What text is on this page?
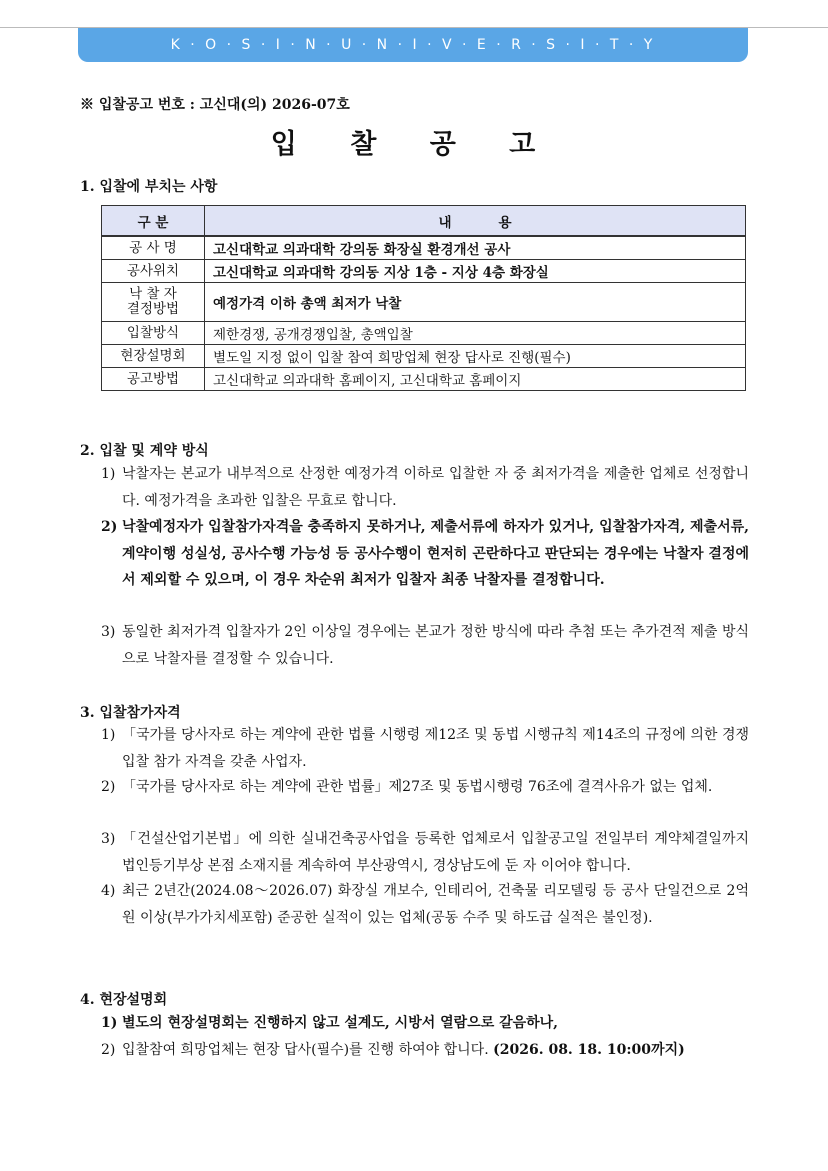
K · O · S · I · N · U · N · I · V · E · R · S · I · T · Y
※ 입찰공고 번호 : 고신대(의) 2026-07호
입 찰 공 고
1. 입찰에 부치는 사항
구 분	내          용
공 사 명	고신대학교 의과대학 강의동 화장실 환경개선 공사
공사위치	고신대학교 의과대학 강의동 지상 1층 - 지상 4층 화장실
낙 찰 자
결정방법	예정가격 이하 총액 최저가 낙찰
입찰방식	제한경쟁, 공개경쟁입찰, 총액입찰
현장설명회	별도일 지정 없이 입찰 참여 희망업체 현장 답사로 진행(필수)
공고방법	고신대학교 의과대학 홈페이지, 고신대학교 홈페이지
2. 입찰 및 계약 방식
1) 낙찰자는 본교가 내부적으로 산정한 예정가격 이하로 입찰한 자 중 최저가격을 제출한 업체로 선정합니다. 예정가격을 초과한 입찰은 무효로 합니다.
2) 낙찰예정자가 입찰참가자격을 충족하지 못하거나, 제출서류에 하자가 있거나, 입찰참가자격, 제출서류, 계약이행 성실성, 공사수행 가능성 등 공사수행이 현저히 곤란하다고 판단되는 경우에는 낙찰자 결정에서 제외할 수 있으며, 이 경우 차순위 최저가 입찰자 최종 낙찰자를 결정합니다.
3) 동일한 최저가격 입찰자가 2인 이상일 경우에는 본교가 정한 방식에 따라 추첨 또는 추가견적 제출 방식으로 낙찰자를 결정할 수 있습니다.
3. 입찰참가자격
1) 「국가를 당사자로 하는 계약에 관한 법률 시행령 제12조 및 동법 시행규칙 제14조의 규정에 의한 경쟁입찰 참가 자격을 갖춘 사업자.
2) 「국가를 당사자로 하는 계약에 관한 법률」제27조 및 동법시행령 76조에 결격사유가 없는 업체.
3) 「건설산업기본법」에 의한 실내건축공사업을 등록한 업체로서 입찰공고일 전일부터 계약체결일까지 법인등기부상 본점 소재지를 계속하여 부산광역시, 경상남도에 둔 자 이어야 합니다.
4) 최근 2년간(2024.08～2026.07) 화장실 개보수, 인테리어, 건축물 리모델링 등 공사 단일건으로 2억원 이상(부가가치세포함) 준공한 실적이 있는 업체(공동 수주 및 하도급 실적은 불인정).
4. 현장설명회
1) 별도의 현장설명회는 진행하지 않고 설계도, 시방서 열람으로 갈음하나,
2) 입찰참여 희망업체는 현장 답사(필수)를 진행 하여야 합니다. (2026. 08. 18. 10:00까지)
